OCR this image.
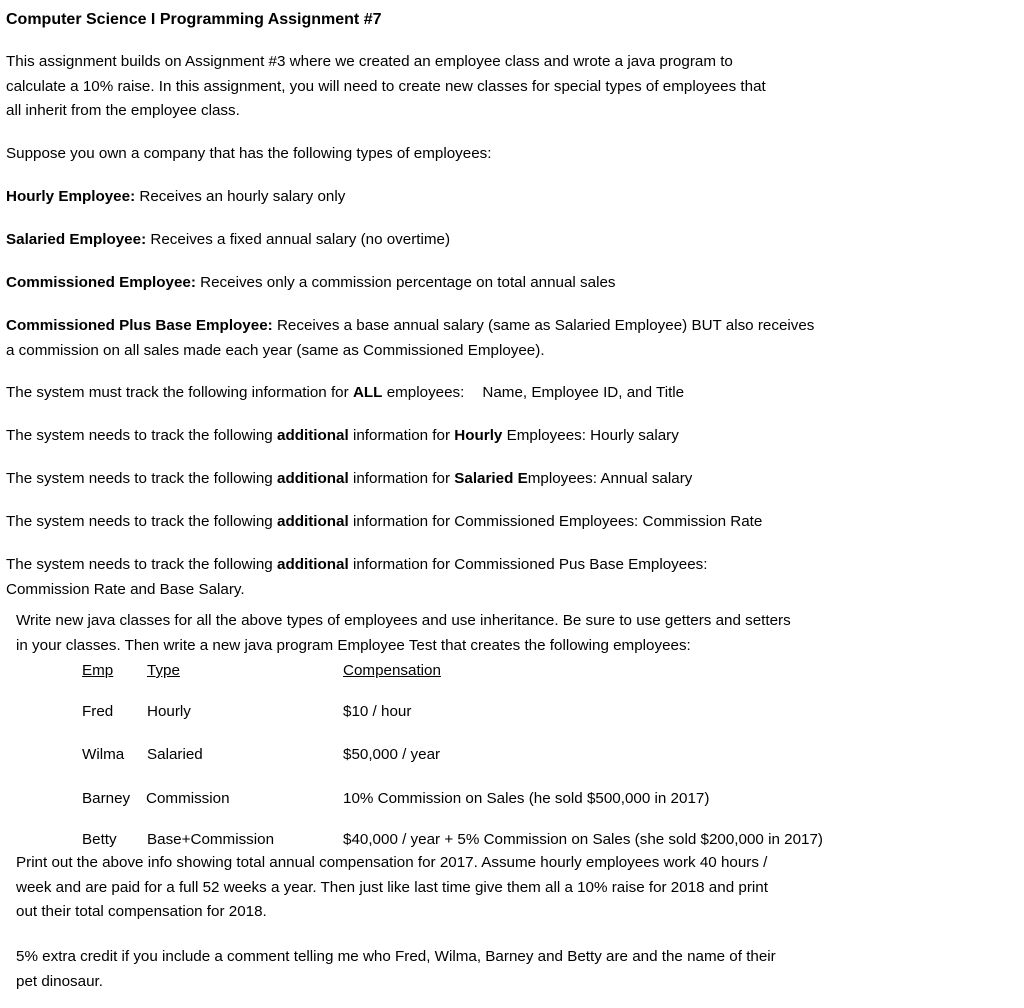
Computer Science I Programming Assignment #7
This assignment builds on Assignment #3 where we created an employee class and wrote a java program to
calculate a 10% raise. In this assignment, you will need to create new classes for special types of employees that
all inherit from the employee class.
Suppose you own a company that has the following types of employees:
Hourly Employee: Receives an hourly salary only
Salaried Employee: Receives a fixed annual salary (no overtime)
Commissioned Employee: Receives only a commission percentage on total annual sales
Commissioned Plus Base Employee: Receives a base annual salary (same as Salaried Employee) BUT also receives
a commission on all sales made each year (same as Commissioned Employee).
The system must track the following information for ALL employees: Name, Employee ID, and Title
The system needs to track the following additional information for Hourly Employees: Hourly salary
The system needs to track the following additional information for Salaried Employees: Annual salary
The system needs to track the following additional information for Commissioned Employees: Commission Rate
The system needs to track the following additional information for Commissioned Pus Base Employees:
Commission Rate and Base Salary.
Write new java classes for all the above types of employees and use inheritance. Be sure to use getters and setters
in your classes. Then write a new java program Employee Test that creates the following employees:
Emp Type	Compensation
Fred Hourly	$10 / hour
Wilma Salaried	$50,000 / year
Barney Commission	10% Commission on Sales (he sold $500,000 in 2017)
Betty Base+Commission	$40,000 / year + 5% Commission on Sales (she sold $200,000 in 2017)
Print out the above info showing total annual compensation for 2017. Assume hourly employees work 40 hours /
week and are paid for a full 52 weeks a year. Then just like last time give them all a 10% raise for 2018 and print
out their total compensation for 2018.
5% extra credit if you include a comment telling me who Fred, Wilma, Barney and Betty are and the name of their
pet dinosaur.
